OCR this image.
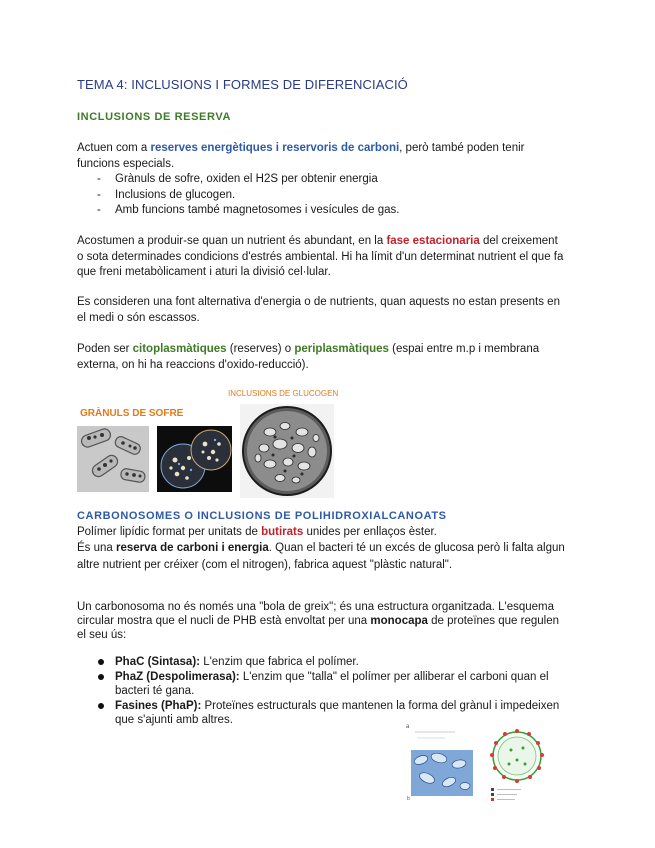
TEMA 4: INCLUSIONS I FORMES DE DIFERENCIACIÓ
INCLUSIONS DE RESERVA
Actuen com a reserves energètiques i reservoris de carboni, però també poden tenir
funcions especials.
- Grànuls de sofre, oxiden el H2S per obtenir energia
- Inclusions de glucogen.
- Amb funcions també magnetosomes i vesícules de gas.
Acostumen a produir-se quan un nutrient és abundant, en la fase estacionaria del creixement
o sota determinades condicions d'estrés ambiental. Hi ha límit d'un determinat nutrient el que fa
que freni metabòlicament i aturi la divisió cel·lular.
Es consideren una font alternativa d'energia o de nutrients, quan aquests no estan presents en
el medi o són escassos.
Poden ser citoplasmàtiques (reserves) o periplasmàtiques (espai entre m.p i membrana
externa, on hi ha reaccions d'oxido-reducció).
GRÀNULS DE SOFRE
INCLUSIONS DE GLUCOGEN
CARBONOSOMES O INCLUSIONS DE POLIHIDROXIALCANOATS
Polímer lipídic format per unitats de butirats unides per enllaços èster.
És una reserva de carboni i energia. Quan el bacteri té un excés de glucosa però li falta algun
altre nutrient per créixer (com el nitrogen), fabrica aquest "plàstic natural".
Un carbonosoma no és només una "bola de greix"; és una estructura organitzada. L'esquema
circular mostra que el nucli de PHB està envoltat per una monocapa de proteïnes que regulen
el seu ús:
PhaC (Sintasa): L'enzim que fabrica el polímer.
PhaZ (Despolimerasa): L'enzim que "talla" el polímer per alliberar el carboni quan el
bacteri té gana.
Fasines (PhaP): Proteïnes estructurals que mantenen la forma del grànul i impedeixen
que s'ajunti amb altres.
a
b
